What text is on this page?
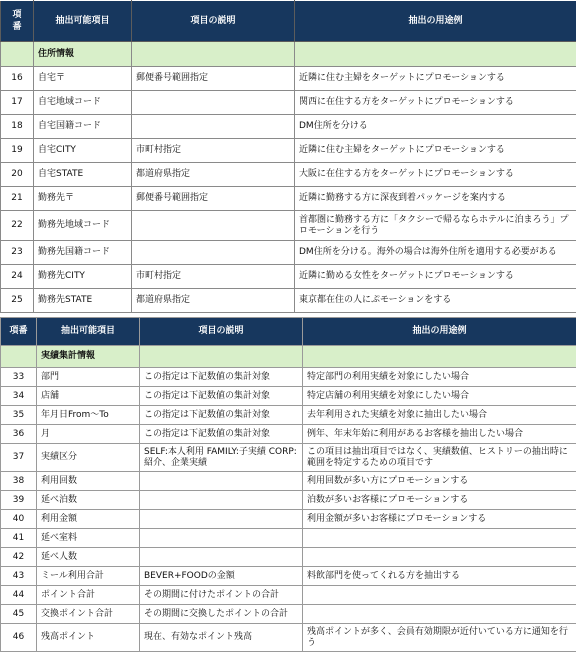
項
番	抽出可能項目	項目の説明	抽出の用途例
	住所情報		
16	自宅〒	郵便番号範囲指定	近隣に住む主婦をターゲットにプロモーションする
17	自宅地域コード		関西に在住する方をターゲットにプロモーションする
18	自宅国籍コード		DM住所を分ける
19	自宅CITY	市町村指定	近隣に住む主婦をターゲットにプロモーションする
20	自宅STATE	都道府県指定	大阪に在住する方をターゲットにプロモーションする
21	勤務先〒	郵便番号範囲指定	近隣に勤務する方に深夜到着パッケージを案内する
22	勤務先地域コード		首都圏に勤務する方に「タクシーで帰るならホテルに泊まろう」プロモーションを行う
23	勤務先国籍コード		DM住所を分ける。海外の場合は海外住所を適用する必要がある
24	勤務先CITY	市町村指定	近隣に勤める女性をターゲットにプロモーションする
25	勤務先STATE	都道府県指定	東京都在住の人にぷモーションをする
項番	抽出可能項目	項目の説明	抽出の用途例
	実績集計情報		
33	部門	この指定は下記数値の集計対象	特定部門の利用実績を対象にしたい場合
34	店舗	この指定は下記数値の集計対象	特定店舗の利用実績を対象にしたい場合
35	年月日From〜To	この指定は下記数値の集計対象	去年利用された実績を対象に抽出したい場合
36	月	この指定は下記数値の集計対象	例年、年末年始に利用があるお客様を抽出したい場合
37	実績区分	SELF:本人利用 FAMILY:子実績 CORP:紹介、企業実績	この項目は抽出項目ではなく、実績数値、ヒストリーの抽出時に範囲を特定するための項目です
38	利用回数		利用回数が多い方にプロモーションする
39	延べ泊数		泊数が多いお客様にプロモーションする
40	利用金額		利用金額が多いお客様にプロモーションする
41	延べ室料		
42	延べ人数		
43	ミール利用合計	BEVER+FOODの金額	料飲部門を使ってくれる方を抽出する
44	ポイント合計	その期間に付けたポイントの合計	
45	交換ポイント合計	その期間に交換したポイントの合計	
46	残高ポイント	現在、有効なポイント残高	残高ポイントが多く、会員有効期限が近付いている方に通知を行う
